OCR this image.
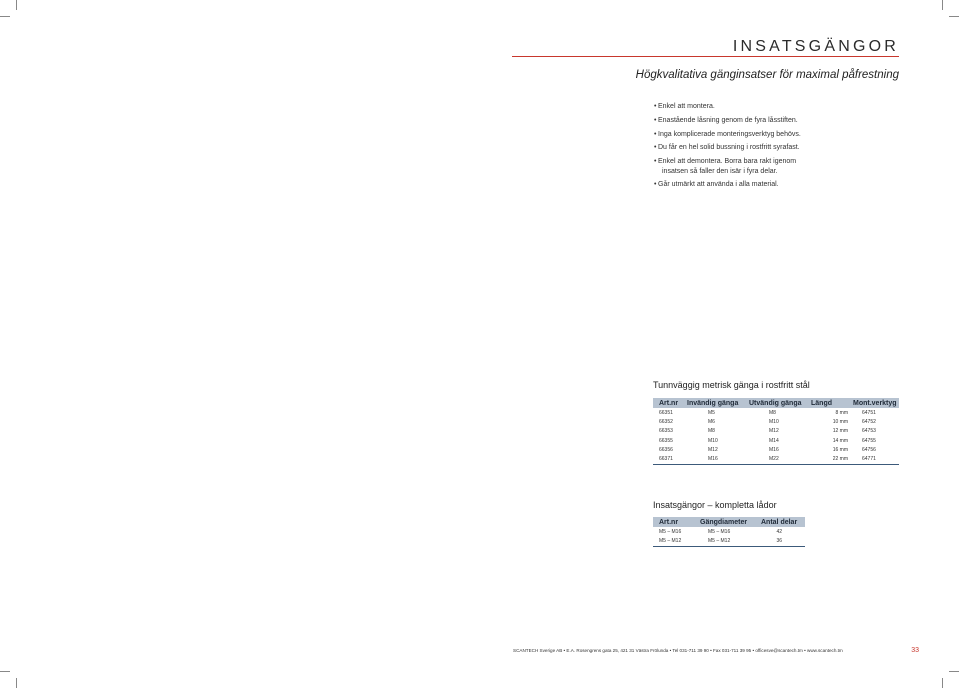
INSATSGÄNGOR
Högkvalitativa gänginsatser för maximal påfrestning
• Enkel att montera.
• Enastående låsning genom de fyra låsstiften.
• Inga komplicerade monteringsverktyg behövs.
• Du får en hel solid bussning i rostfritt syrafast.
• Enkel att demontera. Borra bara rakt igenom
insatsen så faller den isär i fyra delar.
• Går utmärkt att använda i alla material.
Tunnväggig metrisk gänga i rostfritt stål
Art.nr	Invändig gänga	Utvändig gänga	Längd	Mont.verktyg
66351	M5	M8	8 mm	64751
66352	M6	M10	10 mm	64752
66353	M8	M12	12 mm	64753
66355	M10	M14	14 mm	64755
66356	M12	M16	16 mm	64756
66371	M16	M22	22 mm	64771
Insatsgängor – kompletta lådor
Art.nr	Gängdiameter	Antal delar
M5 – M16	M5 – M16	42
M5 – M12	M5 – M12	36
SCANTECH Sverige AB • E.A. Rosengrens gata 25, 421 31 Västra Frölunda • Tel 031-711 39 90 • Fax 031-711 39 95 • officesve@scantech.tm • www.scantech.tm	33
